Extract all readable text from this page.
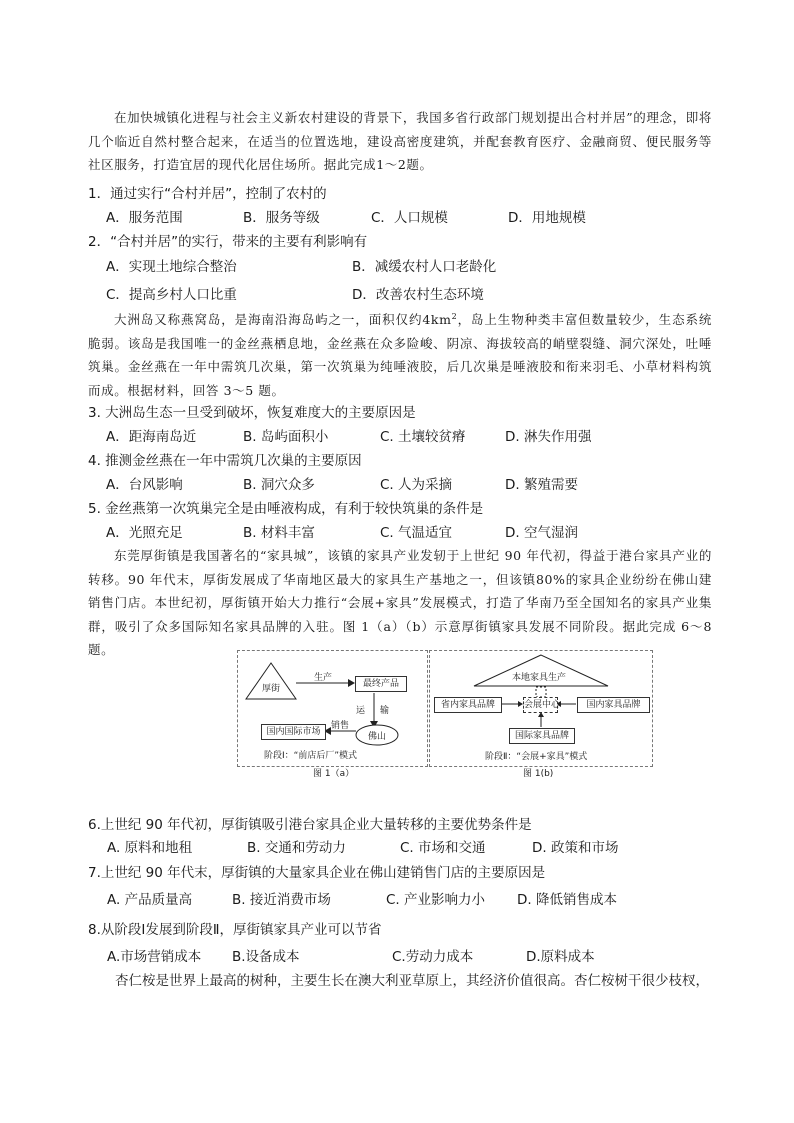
在加快城镇化进程与社会主义新农村建设的背景下，我国多省行政部门规划提出合村并居”的理念，即将几个临近自然村整合起来，在适当的位置选地，建设高密度建筑，并配套教育医疗、金融商贸、便民服务等社区服务，打造宜居的现代化居住场所。据此完成1～2题。
1．通过实行“合村并居”，控制了农村的
A．服务范围	B．服务等级	C．人口规模	D．用地规模
2．“合村并居”的实行，带来的主要有利影响有
A．实现土地综合整治	B．减缓农村人口老龄化
C．提高乡村人口比重	D．改善农村生态环境
大洲岛又称燕窝岛，是海南沿海岛屿之一，面积仅约$4km^2$，岛上生物种类丰富但数量较少，生态系统脆弱。该岛是我国唯一的金丝燕栖息地，金丝燕在众多险峻、阴凉、海拔较高的峭壁裂缝、洞穴深处，吐唾筑巢。金丝燕在一年中需筑几次巢，第一次筑巢为纯唾液胶，后几次巢是唾液胶和衔来羽毛、小草材料构筑而成。根据材料，回答 3～5 题。
3. 大洲岛生态一旦受到破坏，恢复难度大的主要原因是
A．距海南岛近	B. 岛屿面积小	C. 土壤较贫瘠	D. 淋失作用强
4. 推测金丝燕在一年中需筑几次巢的主要原因
A．台风影响	B. 洞穴众多	C. 人为采摘	D. 繁殖需要
5. 金丝燕第一次筑巢完全是由唾液构成，有利于较快筑巢的条件是
A．光照充足	B. 材料丰富	C. 气温适宜	D. 空气湿润
东莞厚街镇是我国著名的“家具城”，该镇的家具产业发轫于上世纪 90 年代初，得益于港台家具产业的转移。90 年代末，厚街发展成了华南地区最大的家具生产基地之一，但该镇80%的家具企业纷纷在佛山建销售门店。本世纪初，厚街镇开始大力推行“会展+家具”发展模式，打造了华南乃至全国知名的家具产业集群，吸引了众多国际知名家具品牌的入驻。图 1（a）（b）示意厚街镇家具发展不同阶段。据此完成 6～8 题。
厚街
生产
最终产品
运 输
销售
国内国际市场	佛山
阶段Ⅰ：“前店后厂”模式
本地家具生产
会展中心
省内家具品牌	国内家具品牌
国际家具品牌
阶段Ⅱ：“会展+家具”模式
图 1（a）	图 1(b)
6.上世纪 90 年代初，厚街镇吸引港台家具企业大量转移的主要优势条件是
A. 原料和地租	B. 交通和劳动力	C. 市场和交通	D. 政策和市场
7.上世纪 90 年代末，厚街镇的大量家具企业在佛山建销售门店的主要原因是
A. 产品质量高	B. 接近消费市场	C. 产业影响力小 D. 降低销售成本
8.从阶段Ⅰ发展到阶段Ⅱ，厚街镇家具产业可以节省
A.市场营销成本 B.设备成本	C.劳动力成本	D.原料成本
杏仁桉是世界上最高的树种，主要生长在澳大利亚草原上，其经济价值很高。杏仁桉树干很少枝杈，
